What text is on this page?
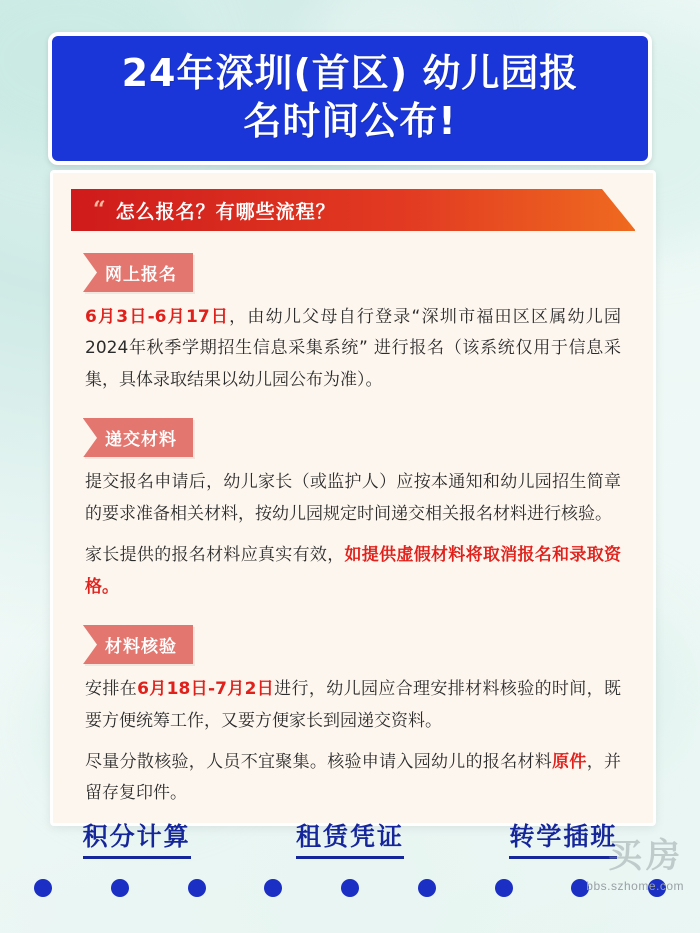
24年深圳(首区) 幼儿园报
名时间公布!
“ 怎么报名？有哪些流程？
网上报名

6月3日-6月17日，由幼儿父母自行登录“深圳市福田区区属幼儿园2024年秋季学期招生信息采集系统” 进行报名（该系统仅用于信息采集，具体录取结果以幼儿园公布为准）。

递交材料

提交报名申请后，幼儿家长（或监护人）应按本通知和幼儿园招生简章的要求准备相关材料，按幼儿园规定时间递交相关报名材料进行核验。

家长提供的报名材料应真实有效，如提供虚假材料将取消报名和录取资格。

材料核验

安排在6月18日-7月2日进行，幼儿园应合理安排材料核验的时间，既要方便统筹工作，又要方便家长到园递交资料。

尽量分散核验，人员不宜聚集。核验申请入园幼儿的报名材料原件，并留存复印件。

积分计算	租赁凭证	转学插班
买房
bbs.szhome.com
